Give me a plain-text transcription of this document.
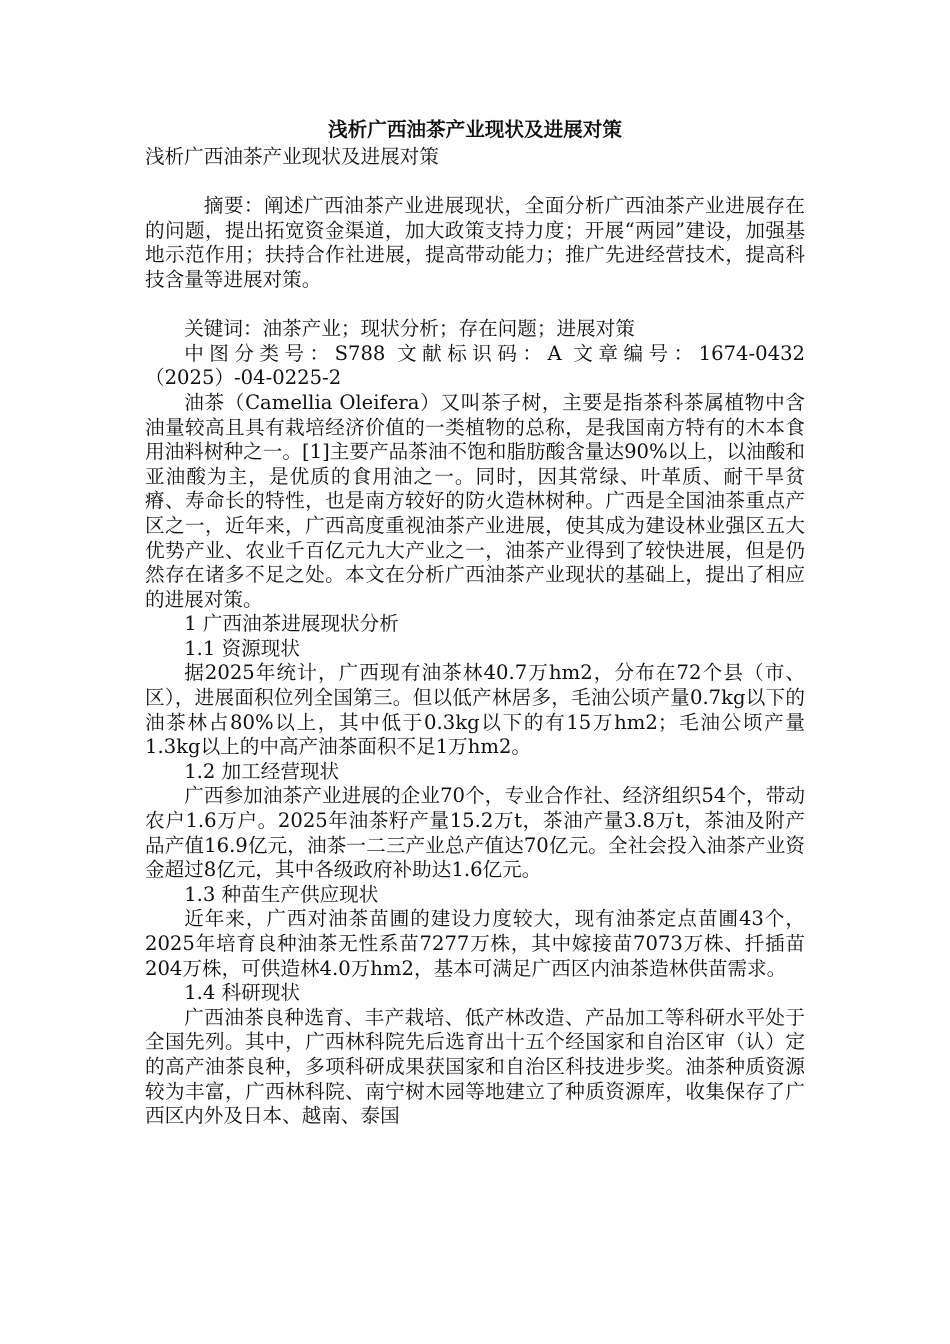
浅析广西油茶产业现状及进展对策

浅析广西油茶产业现状及进展对策

摘要：阐述广西油茶产业进展现状，全面分析广西油茶产业进展存在的问题，提出拓宽资金渠道，加大政策支持力度；开展“两园”建设，加强基地示范作用；扶持合作社进展，提高带动能力；推广先进经营技术，提高科技含量等进展对策。

关键词：油茶产业；现状分析；存在问题；进展对策

中图分类号：S788 文献标识码：A 文章编号：1674-0432（2025）-04-0225-2

油茶（Camellia Oleifera）又叫茶子树，主要是指茶科茶属植物中含油量较高且具有栽培经济价值的一类植物的总称，是我国南方特有的木本食用油料树种之一。[1]主要产品茶油不饱和脂肪酸含量达90%以上，以油酸和亚油酸为主，是优质的食用油之一。同时，因其常绿、叶革质、耐干旱贫瘠、寿命长的特性，也是南方较好的防火造林树种。广西是全国油茶重点产区之一，近年来，广西高度重视油茶产业进展，使其成为建设林业强区五大优势产业、农业千百亿元九大产业之一，油茶产业得到了较快进展，但是仍然存在诸多不足之处。本文在分析广西油茶产业现状的基础上，提出了相应的进展对策。

1 广西油茶进展现状分析

1.1 资源现状

据2025年统计，广西现有油茶林40.7万hm2，分布在72个县（市、区），进展面积位列全国第三。但以低产林居多，毛油公顷产量0.7kg以下的油茶林占80%以上，其中低于0.3kg以下的有15万hm2；毛油公顷产量1.3kg以上的中高产油茶面积不足1万hm2。

1.2 加工经营现状

广西参加油茶产业进展的企业70个，专业合作社、经济组织54个，带动农户1.6万户。2025年油茶籽产量15.2万t，茶油产量3.8万t，茶油及附产品产值16.9亿元，油茶一二三产业总产值达70亿元。全社会投入油茶产业资金超过8亿元，其中各级政府补助达1.6亿元。

1.3 种苗生产供应现状

近年来，广西对油茶苗圃的建设力度较大，现有油茶定点苗圃43个，2025年培育良种油茶无性系苗7277万株，其中嫁接苗7073万株、扦插苗204万株，可供造林4.0万hm2，基本可满足广西区内油茶造林供苗需求。

1.4 科研现状

广西油茶良种选育、丰产栽培、低产林改造、产品加工等科研水平处于全国先列。其中，广西林科院先后选育出十五个经国家和自治区审（认）定的高产油茶良种，多项科研成果获国家和自治区科技进步奖。油茶种质资源较为丰富，广西林科院、南宁树木园等地建立了种质资源库，收集保存了广西区内外及日本、越南、泰国
